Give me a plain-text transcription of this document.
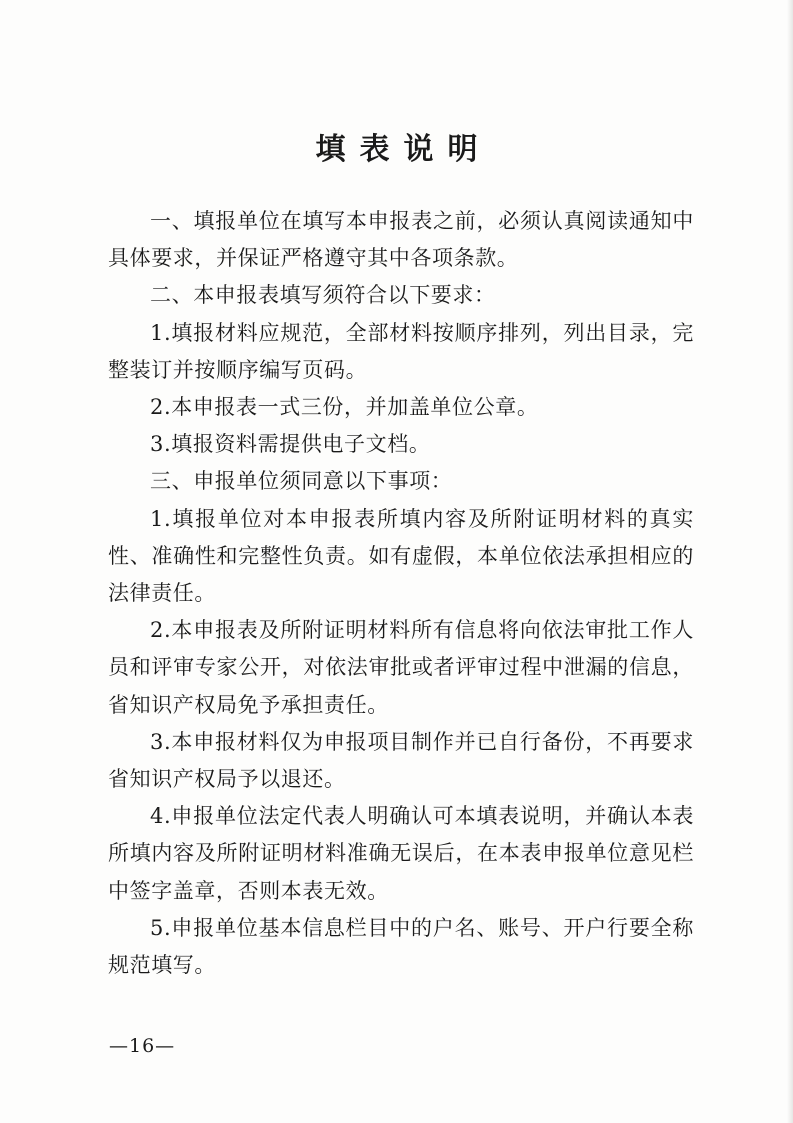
填表说明

一、填报单位在填写本申报表之前，必须认真阅读通知中具体要求，并保证严格遵守其中各项条款。

二、本申报表填写须符合以下要求：

1.填报材料应规范，全部材料按顺序排列，列出目录，完整装订并按顺序编写页码。

2.本申报表一式三份，并加盖单位公章。

3.填报资料需提供电子文档。

三、申报单位须同意以下事项：

1.填报单位对本申报表所填内容及所附证明材料的真实性、准确性和完整性负责。如有虚假，本单位依法承担相应的法律责任。

2.本申报表及所附证明材料所有信息将向依法审批工作人员和评审专家公开，对依法审批或者评审过程中泄漏的信息，省知识产权局免予承担责任。

3.本申报材料仅为申报项目制作并已自行备份，不再要求省知识产权局予以退还。

4.申报单位法定代表人明确认可本填表说明，并确认本表所填内容及所附证明材料准确无误后，在本表申报单位意见栏中签字盖章，否则本表无效。

5.申报单位基本信息栏目中的户名、账号、开户行要全称规范填写。

—16—
